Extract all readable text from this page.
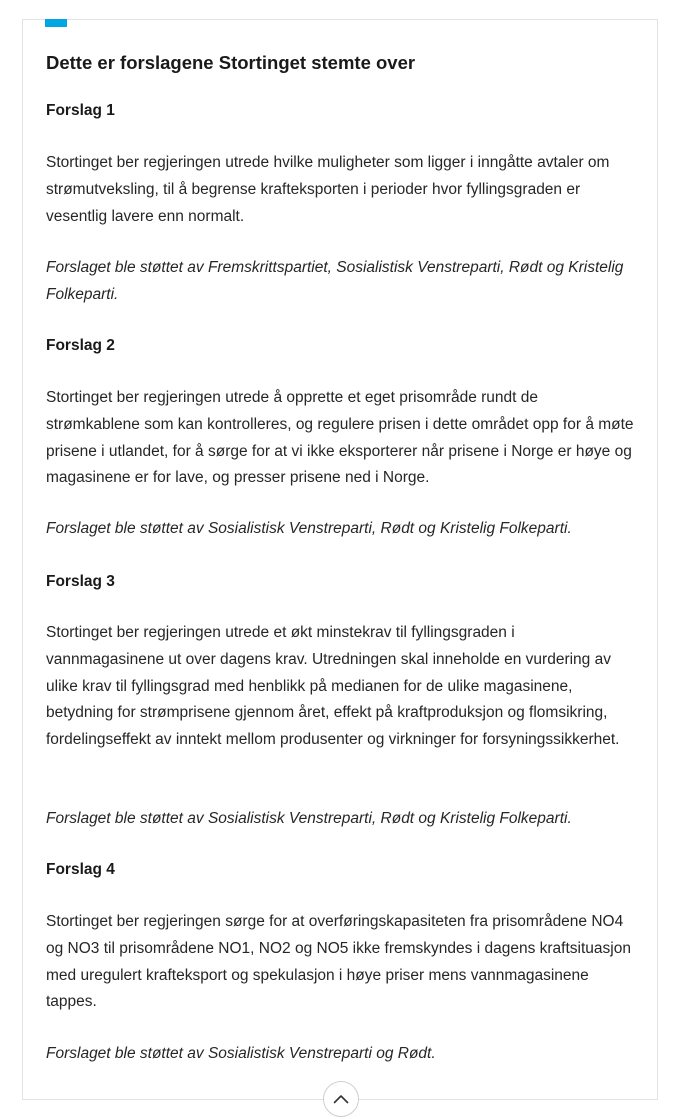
Dette er forslagene Stortinget stemte over
Forslag 1

Stortinget ber regjeringen utrede hvilke muligheter som ligger i inngåtte avtaler om strømutveksling, til å begrense krafteksporten i perioder hvor fyllingsgraden er vesentlig lavere enn normalt.

Forslaget ble støttet av Fremskrittspartiet, Sosialistisk Venstreparti, Rødt og Kristelig Folkeparti.

Forslag 2

Stortinget ber regjeringen utrede å opprette et eget prisområde rundt de strømkablene som kan kontrolleres, og regulere prisen i dette området opp for å møte prisene i utlandet, for å sørge for at vi ikke eksporterer når prisene i Norge er høye og magasinene er for lave, og presser prisene ned i Norge.

Forslaget ble støttet av Sosialistisk Venstreparti, Rødt og Kristelig Folkeparti.

Forslag 3

Stortinget ber regjeringen utrede et økt minstekrav til fyllingsgraden i vannmagasinene ut over dagens krav. Utredningen skal inneholde en vurdering av ulike krav til fyllingsgrad med henblikk på medianen for de ulike magasinene, betydning for strømprisene gjennom året, effekt på kraftproduksjon og flomsikring, fordelingseffekt av inntekt mellom produsenter og virkninger for forsyningssikkerhet.

Forslaget ble støttet av Sosialistisk Venstreparti, Rødt og Kristelig Folkeparti.

Forslag 4

Stortinget ber regjeringen sørge for at overføringskapasiteten fra prisområdene NO4 og NO3 til prisområdene NO1, NO2 og NO5 ikke fremskyndes i dagens kraftsituasjon med uregulert krafteksport og spekulasjon i høye priser mens vannmagasinene tappes.

Forslaget ble støttet av Sosialistisk Venstreparti og Rødt.
